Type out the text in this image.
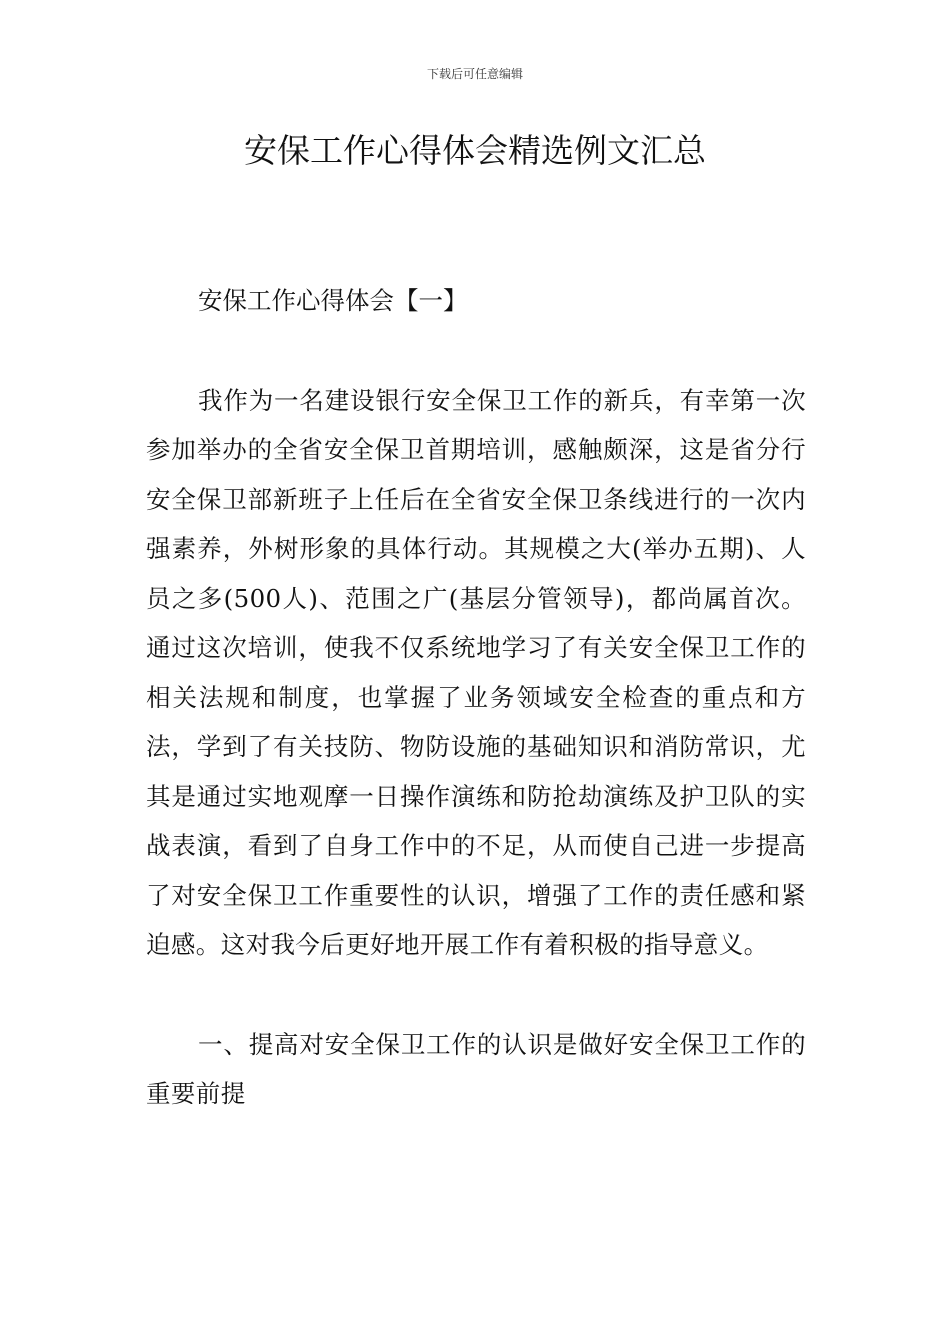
下载后可任意编辑
安保工作心得体会精选例文汇总

安保工作心得体会【一】

我作为一名建设银行安全保卫工作的新兵，有幸第一次参加举办的全省安全保卫首期培训，感触颇深，这是省分行安全保卫部新班子上任后在全省安全保卫条线进行的一次内强素养，外树形象的具体行动。其规模之大(举办五期)、人员之多(500人)、范围之广(基层分管领导)，都尚属首次。通过这次培训，使我不仅系统地学习了有关安全保卫工作的相关法规和制度，也掌握了业务领域安全检查的重点和方法，学到了有关技防、物防设施的基础知识和消防常识，尤其是通过实地观摩一日操作演练和防抢劫演练及护卫队的实战表演，看到了自身工作中的不足，从而使自己进一步提高了对安全保卫工作重要性的认识，增强了工作的责任感和紧迫感。这对我今后更好地开展工作有着积极的指导意义。

一、提高对安全保卫工作的认识是做好安全保卫工作的重要前提
